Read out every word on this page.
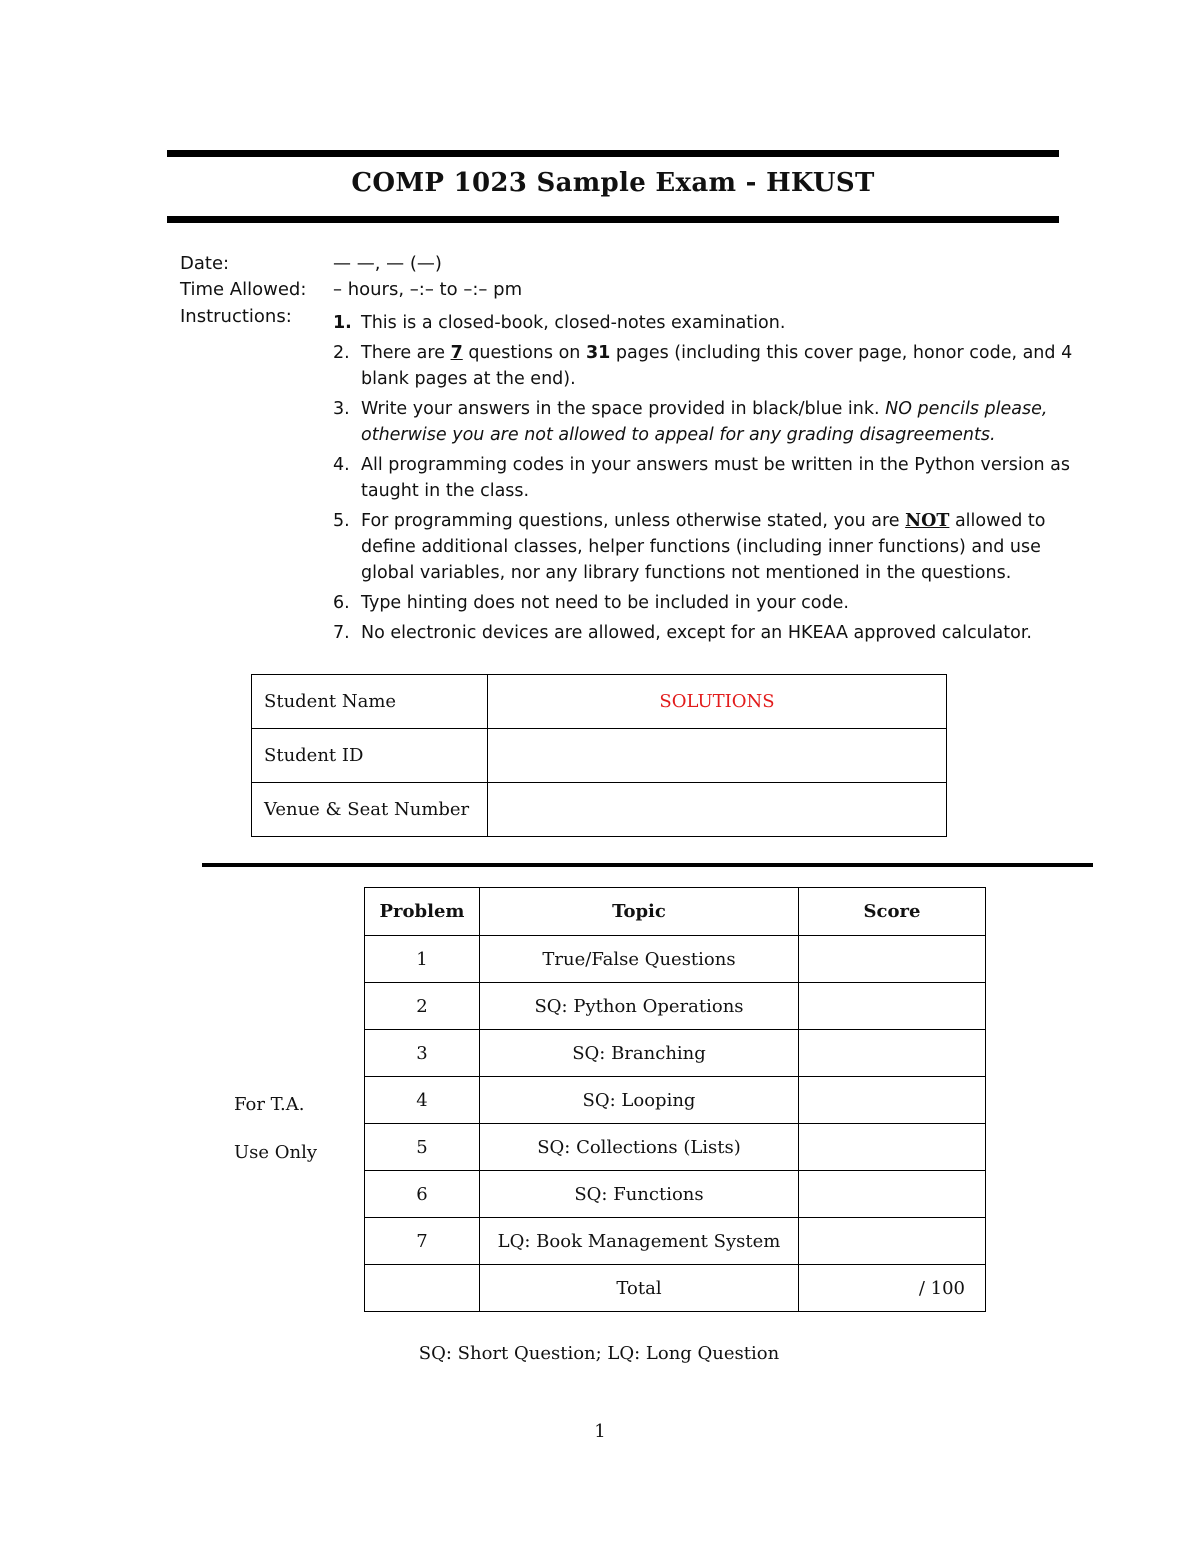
COMP 1023 Sample Exam - HKUST
Date:	— —, — (—)
Time Allowed: – hours, –:– to –:– pm
Instructions: 1. This is a closed-book, closed-notes examination.
2. There are 7 questions on 31 pages (including this cover page, honor code, and 4 blank pages at the end).
3. Write your answers in the space provided in black/blue ink. NO pencils please, otherwise you are not allowed to appeal for any grading disagreements.
4. All programming codes in your answers must be written in the Python version as taught in the class.
5. For programming questions, unless otherwise stated, you are NOT allowed to define additional classes, helper functions (including inner functions) and use global variables, nor any library functions not mentioned in the questions.
6. Type hinting does not need to be included in your code.
7. No electronic devices are allowed, except for an HKEAA approved calculator.
Student Name	SOLUTIONS
Student ID	
Venue & Seat Number	
For T.A.
Use Only
Problem	Topic	Score
1	True/False Questions	
2	SQ: Python Operations	
3	SQ: Branching	
4	SQ: Looping	
5	SQ: Collections (Lists)	
6	SQ: Functions	
7	LQ: Book Management System	
	Total	/ 100
SQ: Short Question; LQ: Long Question
1
